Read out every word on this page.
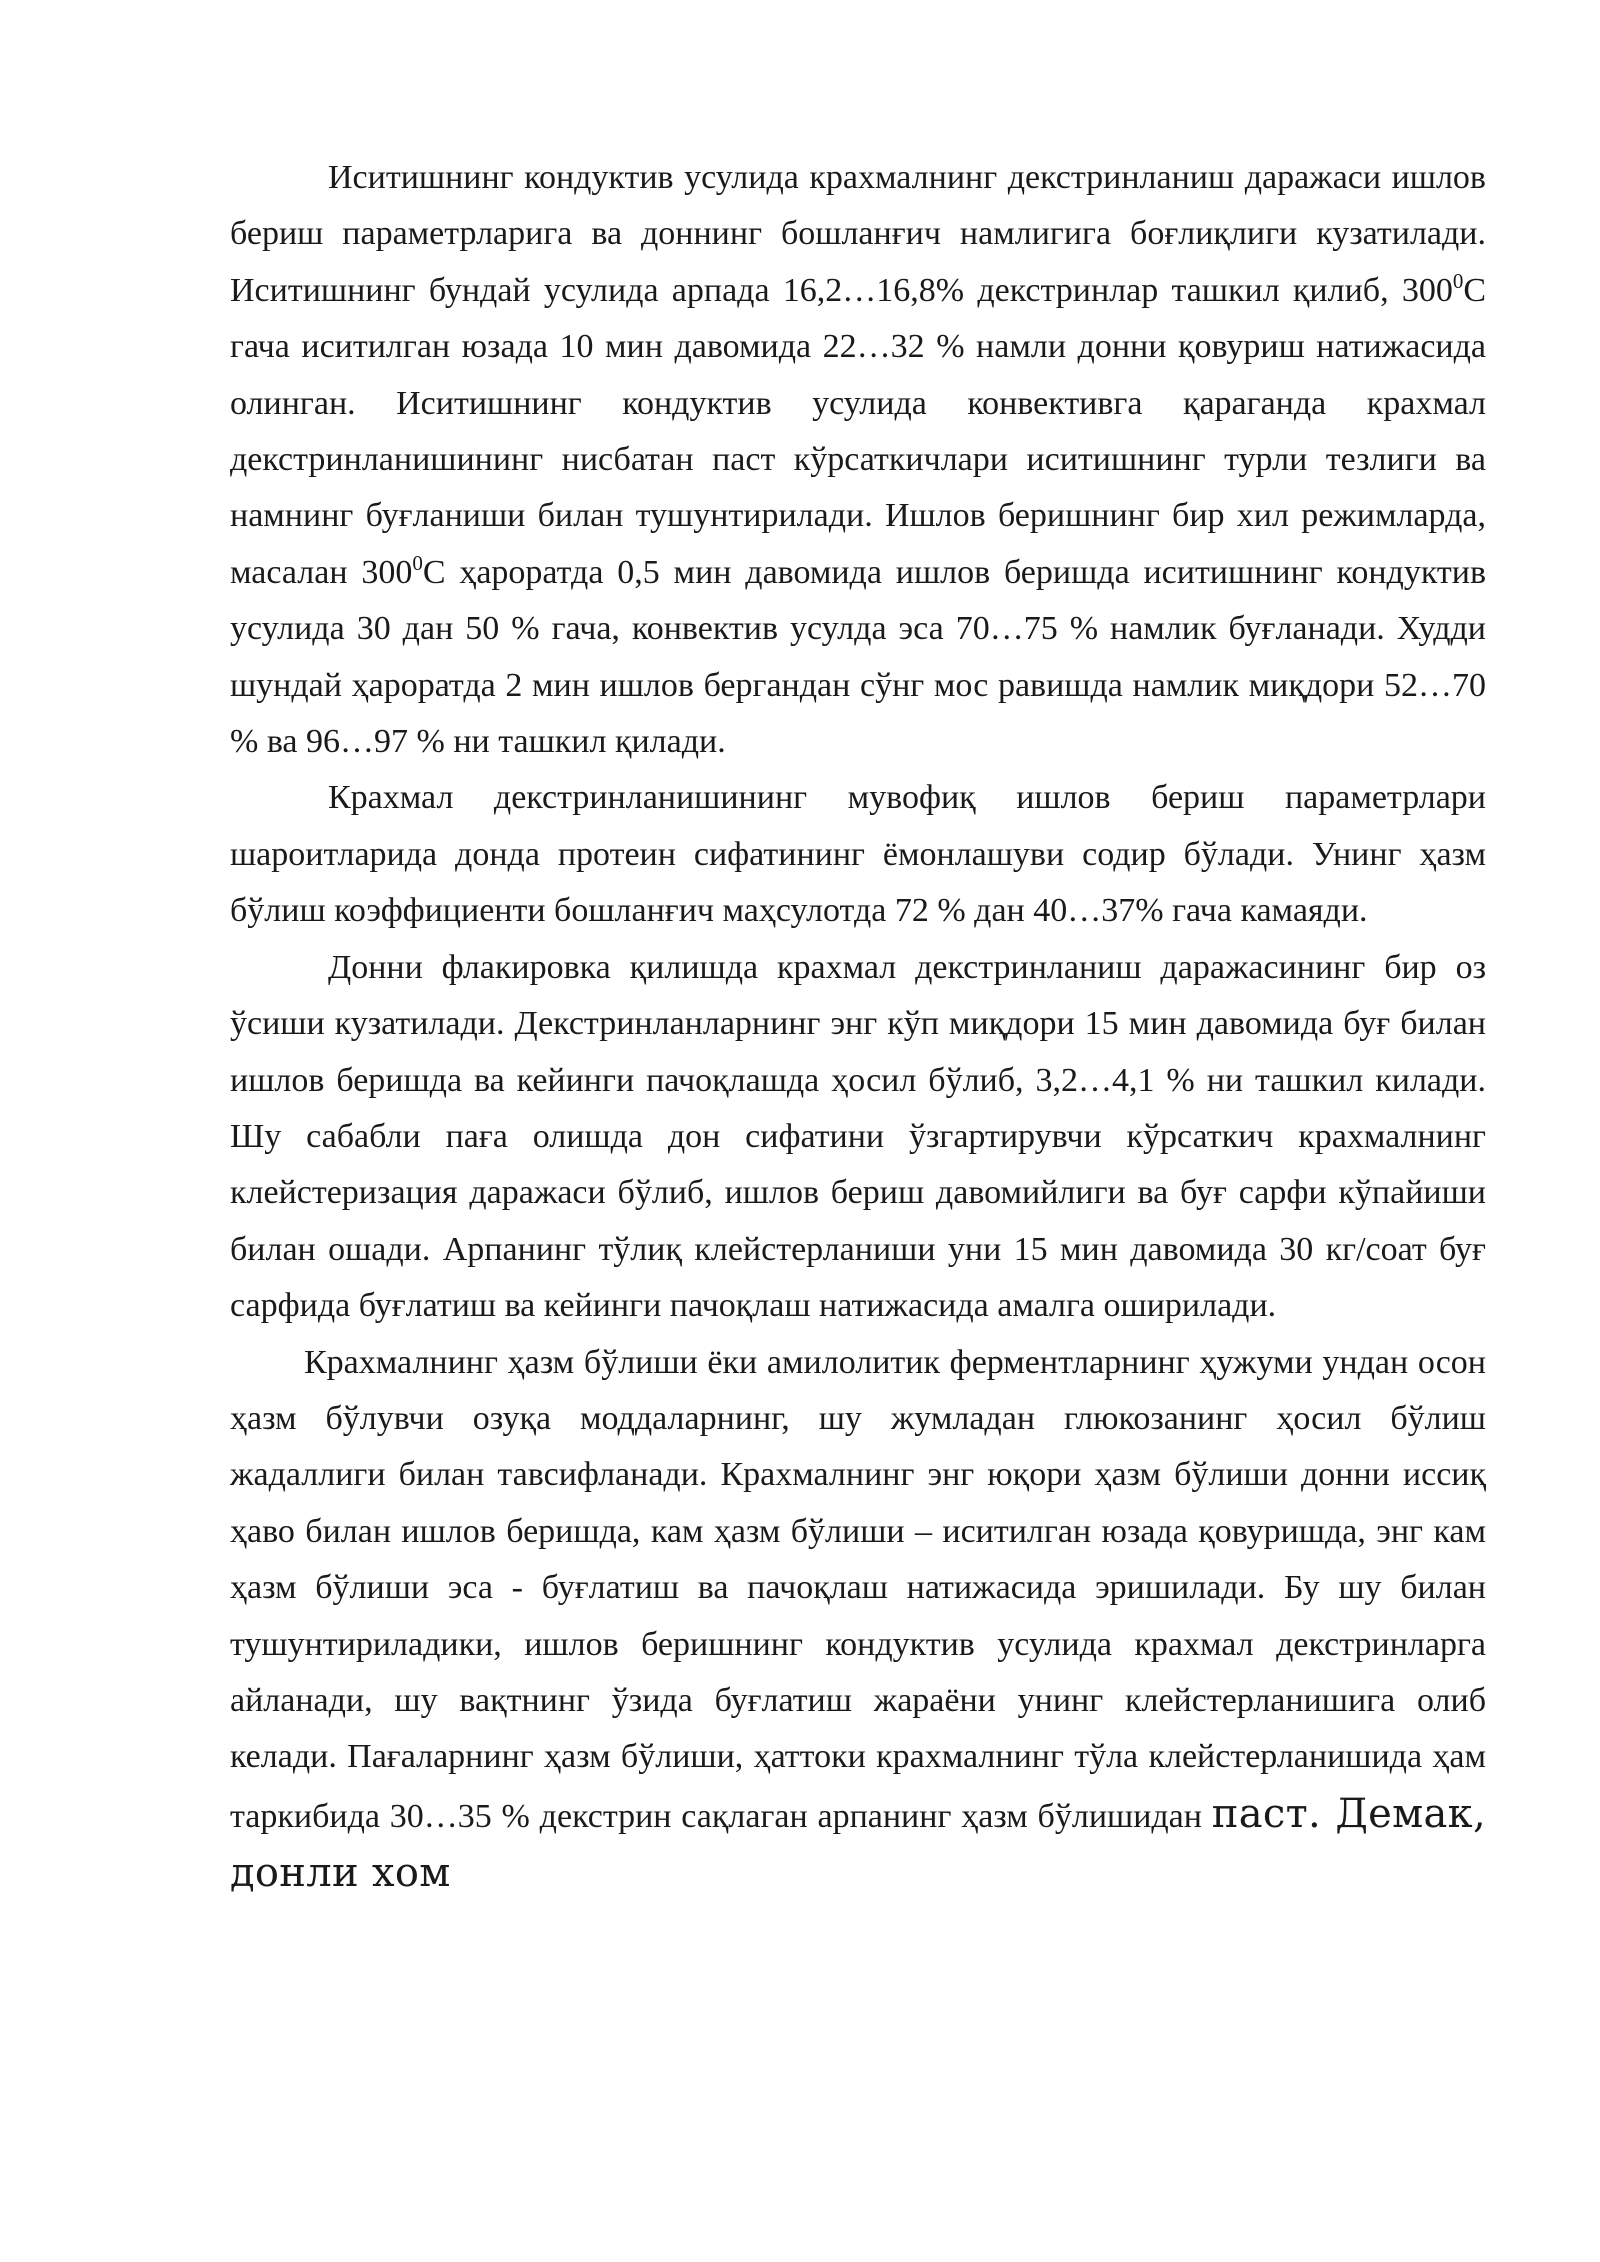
Иситишнинг кондуктив усулида крахмалнинг декстринланиш даражаси ишлов бериш параметрларига ва доннинг бошланғич намлигига боғлиқлиги кузатилади. Иситишнинг бундай усулида арпада 16,2…16,8% декстринлар ташкил қилиб, $300^0С$ гача иситилган юзада 10 мин давомида 22…32 % намли донни қовуриш натижасида олинган. Иситишнинг кондуктив усулида конвективга қараганда крахмал декстринланишининг нисбатан паст кўрсаткичлари иситишнинг турли тезлиги ва намнинг буғланиши билан тушунтирилади. Ишлов беришнинг бир хил режимларда, масалан $300^0С$ ҳароратда 0,5 мин давомида ишлов беришда иситишнинг кондуктив усулида 30 дан 50 % гача, конвектив усулда эса 70…75 % намлик буғланади. Худди шундай ҳароратда 2 мин ишлов бергандан сўнг мос равишда намлик миқдори 52…70 % ва 96…97 % ни ташкил қилади.

Крахмал декстринланишининг мувофиқ ишлов бериш параметрлари шароитларида донда протеин сифатининг ёмонлашуви содир бўлади. Унинг ҳазм бўлиш коэффициенти бошланғич маҳсулотда 72 % дан 40…37% гача камаяди.

Донни флакировка қилишда крахмал декстринланиш даражасининг бир оз ўсиши кузатилади. Декстринланларнинг энг кўп миқдори 15 мин давомида буғ билан ишлов беришда ва кейинги пачоқлашда ҳосил бўлиб, 3,2…4,1 % ни ташкил килади. Шу сабабли паға олишда дон сифатини ўзгартирувчи кўрсаткич крахмалнинг клейстеризация даражаси бўлиб, ишлов бериш давомийлиги ва буғ сарфи кўпайиши билан ошади. Арпанинг тўлиқ клейстерланиши уни 15 мин давомида 30 кг/соат буғ сарфида буғлатиш ва кейинги пачоқлаш натижасида амалга оширилади.

Крахмалнинг ҳазм бўлиши ёки амилолитик ферментларнинг ҳужуми ундан осон ҳазм бўлувчи озуқа моддаларнинг, шу жумладан глюкозанинг ҳосил бўлиш жадаллиги билан тавсифланади. Крахмалнинг энг юқори ҳазм бўлиши донни иссиқ ҳаво билан ишлов беришда, кам ҳазм бўлиши – иситилган юзада қовуришда, энг кам ҳазм бўлиши эса - буғлатиш ва пачоқлаш натижасида эришилади. Бу шу билан тушунтириладики, ишлов беришнинг кондуктив усулида крахмал декстринларга айланади, шу вақтнинг ўзида буғлатиш жараёни унинг клейстерланишига олиб келади. Пағаларнинг ҳазм бўлиши, ҳаттоки крахмалнинг тўла клейстерланишида ҳам таркибида 30…35 % декстрин сақлаган арпанинг ҳазм бўлишидан паст. Демак, донли хом
